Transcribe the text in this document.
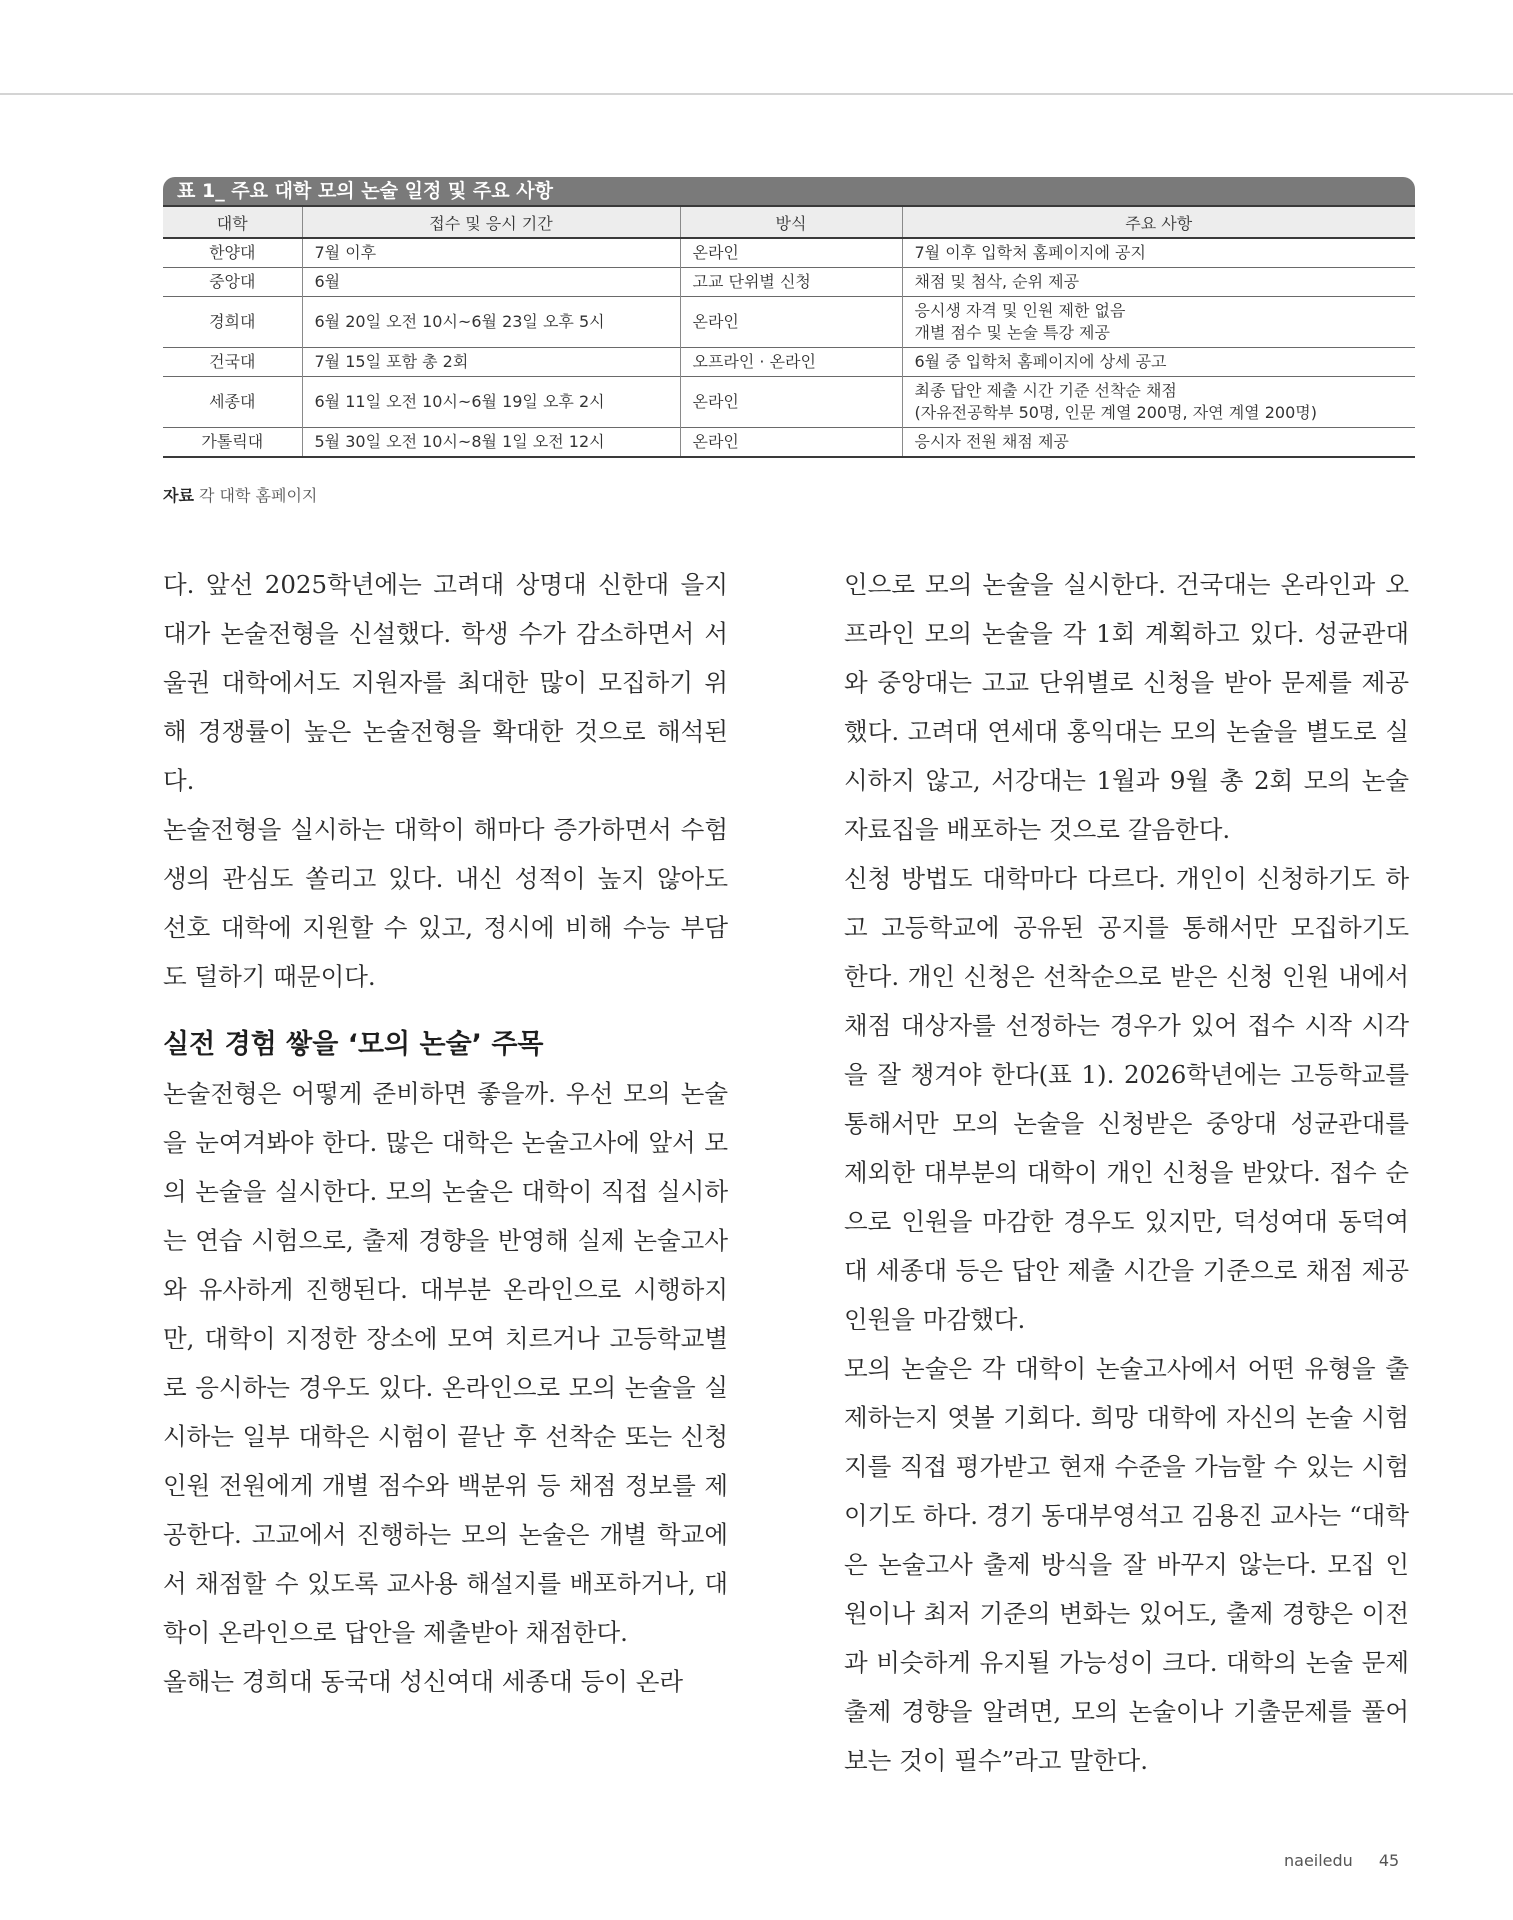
표 1_ 주요 대학 모의 논술 일정 및 주요 사항
대학	접수 및 응시 기간	방식	주요 사항
한양대	7월 이후	온라인	7월 이후 입학처 홈페이지에 공지

중앙대	6월	고교 단위별 신청	채점 및 첨삭, 순위 제공

경희대	6월 20일 오전 10시~6월 23일 오후 5시	온라인	응시생 자격 및 인원 제한 없음
개별 점수 및 논술 특강 제공

건국대	7월 15일 포함 총 2회	오프라인 · 온라인	6월 중 입학처 홈페이지에 상세 공고

세종대	6월 11일 오전 10시~6월 19일 오후 2시	온라인	최종 답안 제출 시간 기준 선착순 채점
(자유전공학부 50명, 인문 계열 200명, 자연 계열 200명)

가톨릭대	5월 30일 오전 10시~8월 1일 오전 12시	온라인	응시자 전원 채점 제공
자료 각 대학 홈페이지

다. 앞선 2025학년에는 고려대 상명대 신한대 을지대가 논술전형을 신설했다. 학생 수가 감소하면서 서울권 대학에서도 지원자를 최대한 많이 모집하기 위해 경쟁률이 높은 논술전형을 확대한 것으로 해석된다.

논술전형을 실시하는 대학이 해마다 증가하면서 수험생의 관심도 쏠리고 있다. 내신 성적이 높지 않아도 선호 대학에 지원할 수 있고, 정시에 비해 수능 부담도 덜하기 때문이다.

실전 경험 쌓을 ‘모의 논술’ 주목

논술전형은 어떻게 준비하면 좋을까. 우선 모의 논술을 눈여겨봐야 한다. 많은 대학은 논술고사에 앞서 모의 논술을 실시한다. 모의 논술은 대학이 직접 실시하는 연습 시험으로, 출제 경향을 반영해 실제 논술고사와 유사하게 진행된다. 대부분 온라인으로 시행하지만, 대학이 지정한 장소에 모여 치르거나 고등학교별로 응시하는 경우도 있다. 온라인으로 모의 논술을 실시하는 일부 대학은 시험이 끝난 후 선착순 또는 신청 인원 전원에게 개별 점수와 백분위 등 채점 정보를 제공한다. 고교에서 진행하는 모의 논술은 개별 학교에서 채점할 수 있도록 교사용 해설지를 배포하거나, 대학이 온라인으로 답안을 제출받아 채점한다.

올해는 경희대 동국대 성신여대 세종대 등이 온라

인으로 모의 논술을 실시한다. 건국대는 온라인과 오프라인 모의 논술을 각 1회 계획하고 있다. 성균관대와 중앙대는 고교 단위별로 신청을 받아 문제를 제공했다. 고려대 연세대 홍익대는 모의 논술을 별도로 실시하지 않고, 서강대는 1월과 9월 총 2회 모의 논술 자료집을 배포하는 것으로 갈음한다.

신청 방법도 대학마다 다르다. 개인이 신청하기도 하고 고등학교에 공유된 공지를 통해서만 모집하기도 한다. 개인 신청은 선착순으로 받은 신청 인원 내에서 채점 대상자를 선정하는 경우가 있어 접수 시작 시각을 잘 챙겨야 한다(표 1). 2026학년에는 고등학교를 통해서만 모의 논술을 신청받은 중앙대 성균관대를 제외한 대부분의 대학이 개인 신청을 받았다. 접수 순으로 인원을 마감한 경우도 있지만, 덕성여대 동덕여대 세종대 등은 답안 제출 시간을 기준으로 채점 제공 인원을 마감했다.

모의 논술은 각 대학이 논술고사에서 어떤 유형을 출제하는지 엿볼 기회다. 희망 대학에 자신의 논술 시험지를 직접 평가받고 현재 수준을 가늠할 수 있는 시험이기도 하다. 경기 동대부영석고 김용진 교사는 “대학은 논술고사 출제 방식을 잘 바꾸지 않는다. 모집 인원이나 최저 기준의 변화는 있어도, 출제 경향은 이전과 비슷하게 유지될 가능성이 크다. 대학의 논술 문제 출제 경향을 알려면, 모의 논술이나 기출문제를 풀어보는 것이 필수”라고 말한다.

naeiledu 45
